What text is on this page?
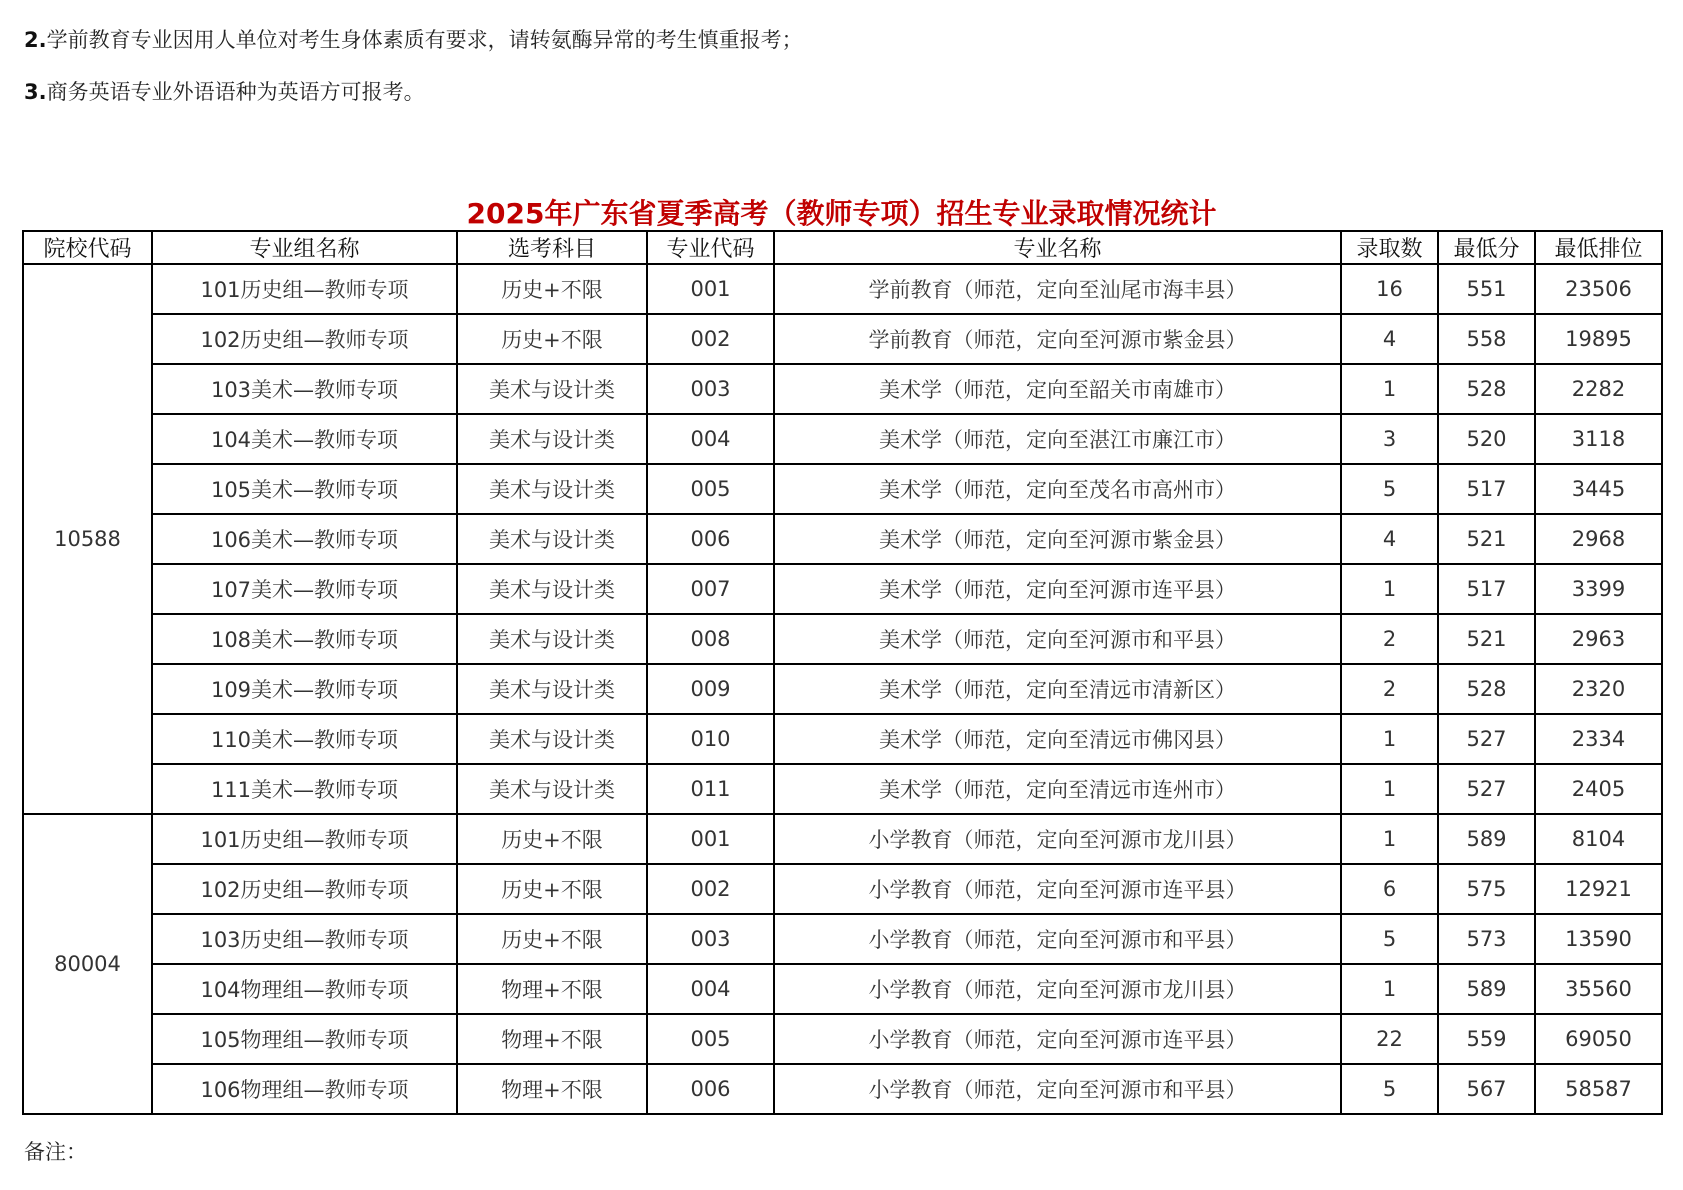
2.学前教育专业因用人单位对考生身体素质有要求，请转氨酶异常的考生慎重报考；
3.商务英语专业外语语种为英语方可报考。
2025年广东省夏季高考（教师专项）招生专业录取情况统计
院校代码	专业组名称	选考科目	专业代码	专业名称	录取数	最低分	最低排位
10588	101历史组—教师专项	历史+不限	001	学前教育（师范，定向至汕尾市海丰县）	16	551	23506
	102历史组—教师专项	历史+不限	002	学前教育（师范，定向至河源市紫金县）	4	558	19895
	103美术—教师专项	美术与设计类	003	美术学（师范，定向至韶关市南雄市）	1	528	2282
	104美术—教师专项	美术与设计类	004	美术学（师范，定向至湛江市廉江市）	3	520	3118
	105美术—教师专项	美术与设计类	005	美术学（师范，定向至茂名市高州市）	5	517	3445
	106美术—教师专项	美术与设计类	006	美术学（师范，定向至河源市紫金县）	4	521	2968
	107美术—教师专项	美术与设计类	007	美术学（师范，定向至河源市连平县）	1	517	3399
	108美术—教师专项	美术与设计类	008	美术学（师范，定向至河源市和平县）	2	521	2963
	109美术—教师专项	美术与设计类	009	美术学（师范，定向至清远市清新区）	2	528	2320
	110美术—教师专项	美术与设计类	010	美术学（师范，定向至清远市佛冈县）	1	527	2334
	111美术—教师专项	美术与设计类	011	美术学（师范，定向至清远市连州市）	1	527	2405
80004	101历史组—教师专项	历史+不限	001	小学教育（师范，定向至河源市龙川县）	1	589	8104
	102历史组—教师专项	历史+不限	002	小学教育（师范，定向至河源市连平县）	6	575	12921
	103历史组—教师专项	历史+不限	003	小学教育（师范，定向至河源市和平县）	5	573	13590
	104物理组—教师专项	物理+不限	004	小学教育（师范，定向至河源市龙川县）	1	589	35560
	105物理组—教师专项	物理+不限	005	小学教育（师范，定向至河源市连平县）	22	559	69050
	106物理组—教师专项	物理+不限	006	小学教育（师范，定向至河源市和平县）	5	567	58587
备注：
